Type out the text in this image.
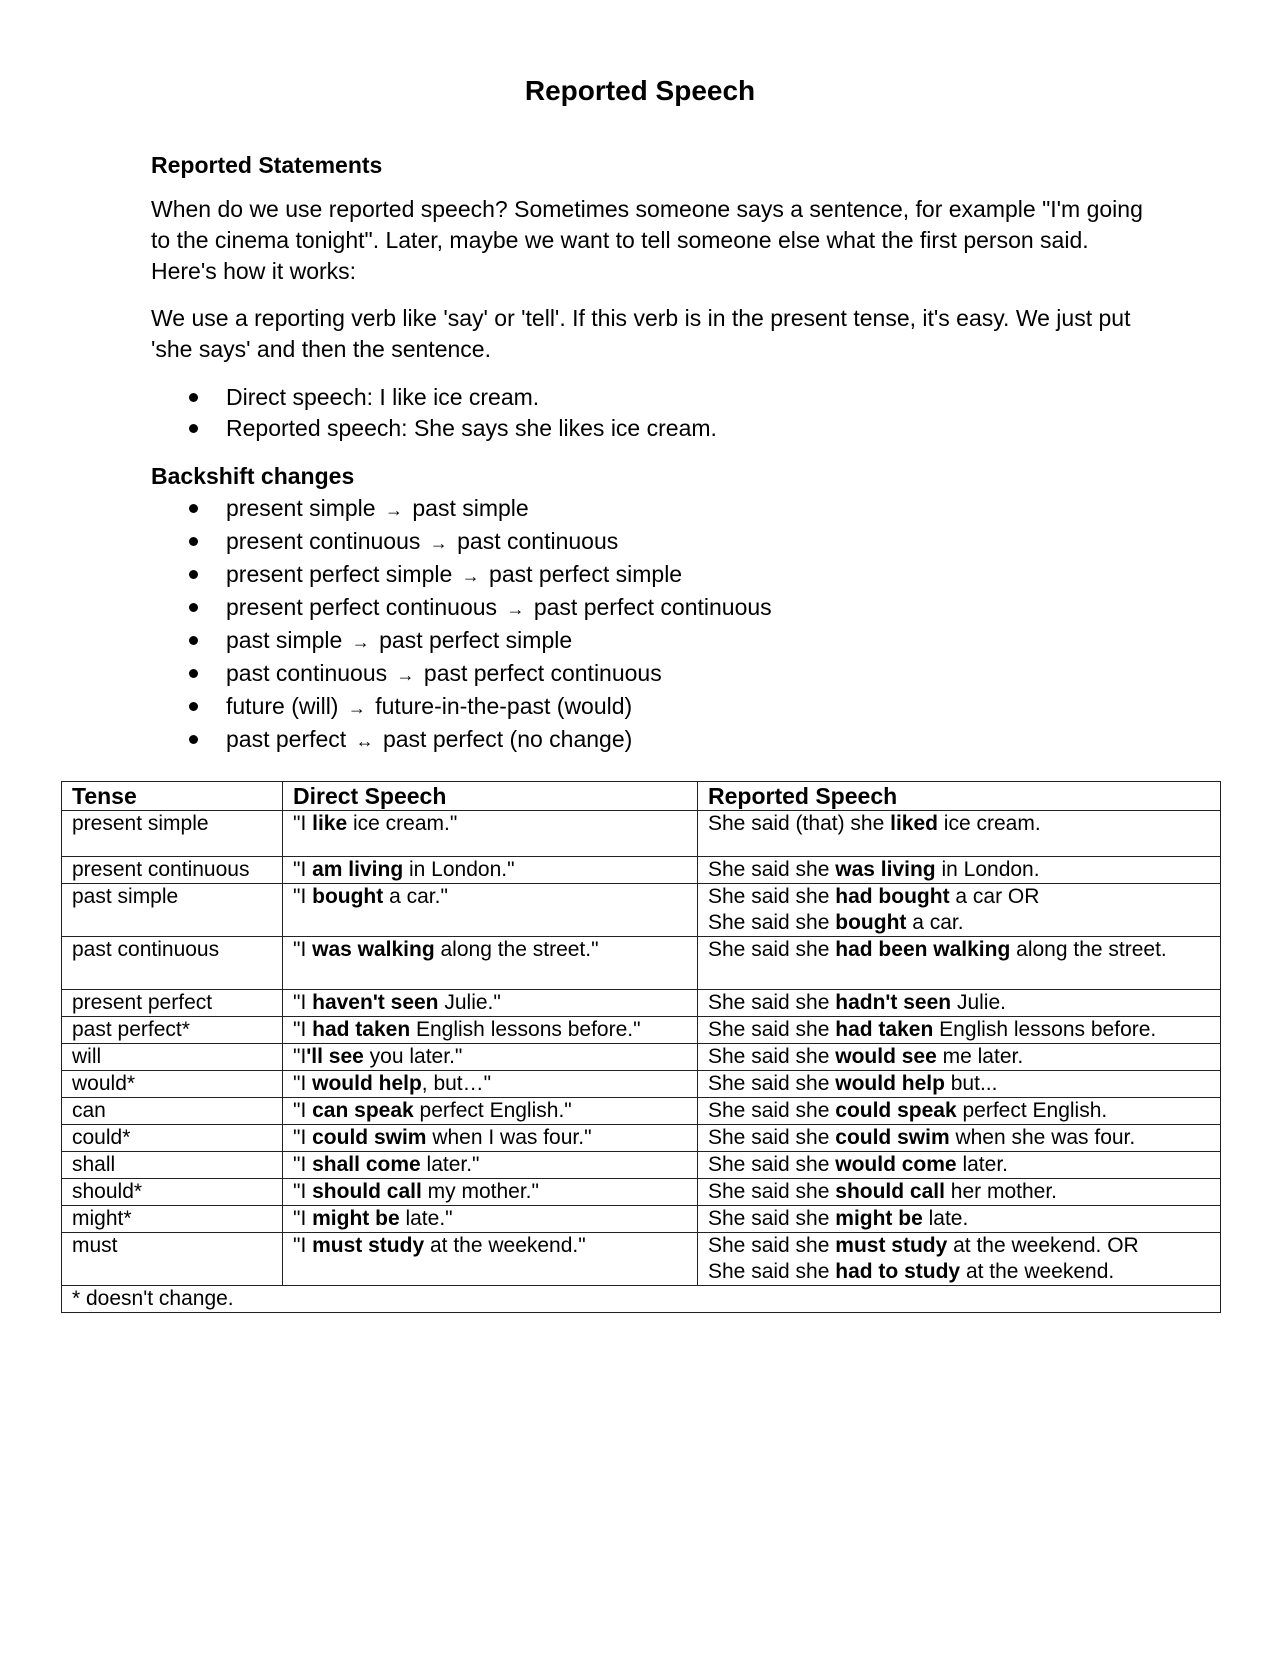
Reported Speech

Reported Statements

When do we use reported speech? Sometimes someone says a sentence, for example "I'm going to the cinema tonight". Later, maybe we want to tell someone else what the first person said. Here's how it works:

We use a reporting verb like 'say' or 'tell'. If this verb is in the present tense, it's easy. We just put 'she says' and then the sentence.

Direct speech: I like ice cream.
Reported speech: She says she likes ice cream.

Backshift changes

present simple → past simple
present continuous → past continuous
present perfect simple → past perfect simple
present perfect continuous → past perfect continuous
past simple → past perfect simple
past continuous → past perfect continuous
future (will) → future-in-the-past (would)
past perfect ↔ past perfect (no change)
Tense	Direct Speech	Reported Speech
present simple	"I like ice cream."	She said (that) she liked ice cream.

present continuous	"I am living in London."	She said she was living in London.

past simple	"I bought a car."	She said she had bought a car OR
She said she bought a car.

past continuous	"I was walking along the street."	She said she had been walking along the street.

present perfect	"I haven't seen Julie."	She said she hadn't seen Julie.

past perfect*	"I had taken English lessons before."	She said she had taken English lessons before.

will	"I'll see you later."	She said she would see me later.

would*	"I would help, but…"	She said she would help but...

can	"I can speak perfect English."	She said she could speak perfect English.

could*	"I could swim when I was four."	She said she could swim when she was four.

shall	"I shall come later."	She said she would come later.

should*	"I should call my mother."	She said she should call her mother.

might*	"I might be late."	She said she might be late.

must	"I must study at the weekend."	She said she must study at the weekend. OR
She said she had to study at the weekend.

* doesn't change.		
